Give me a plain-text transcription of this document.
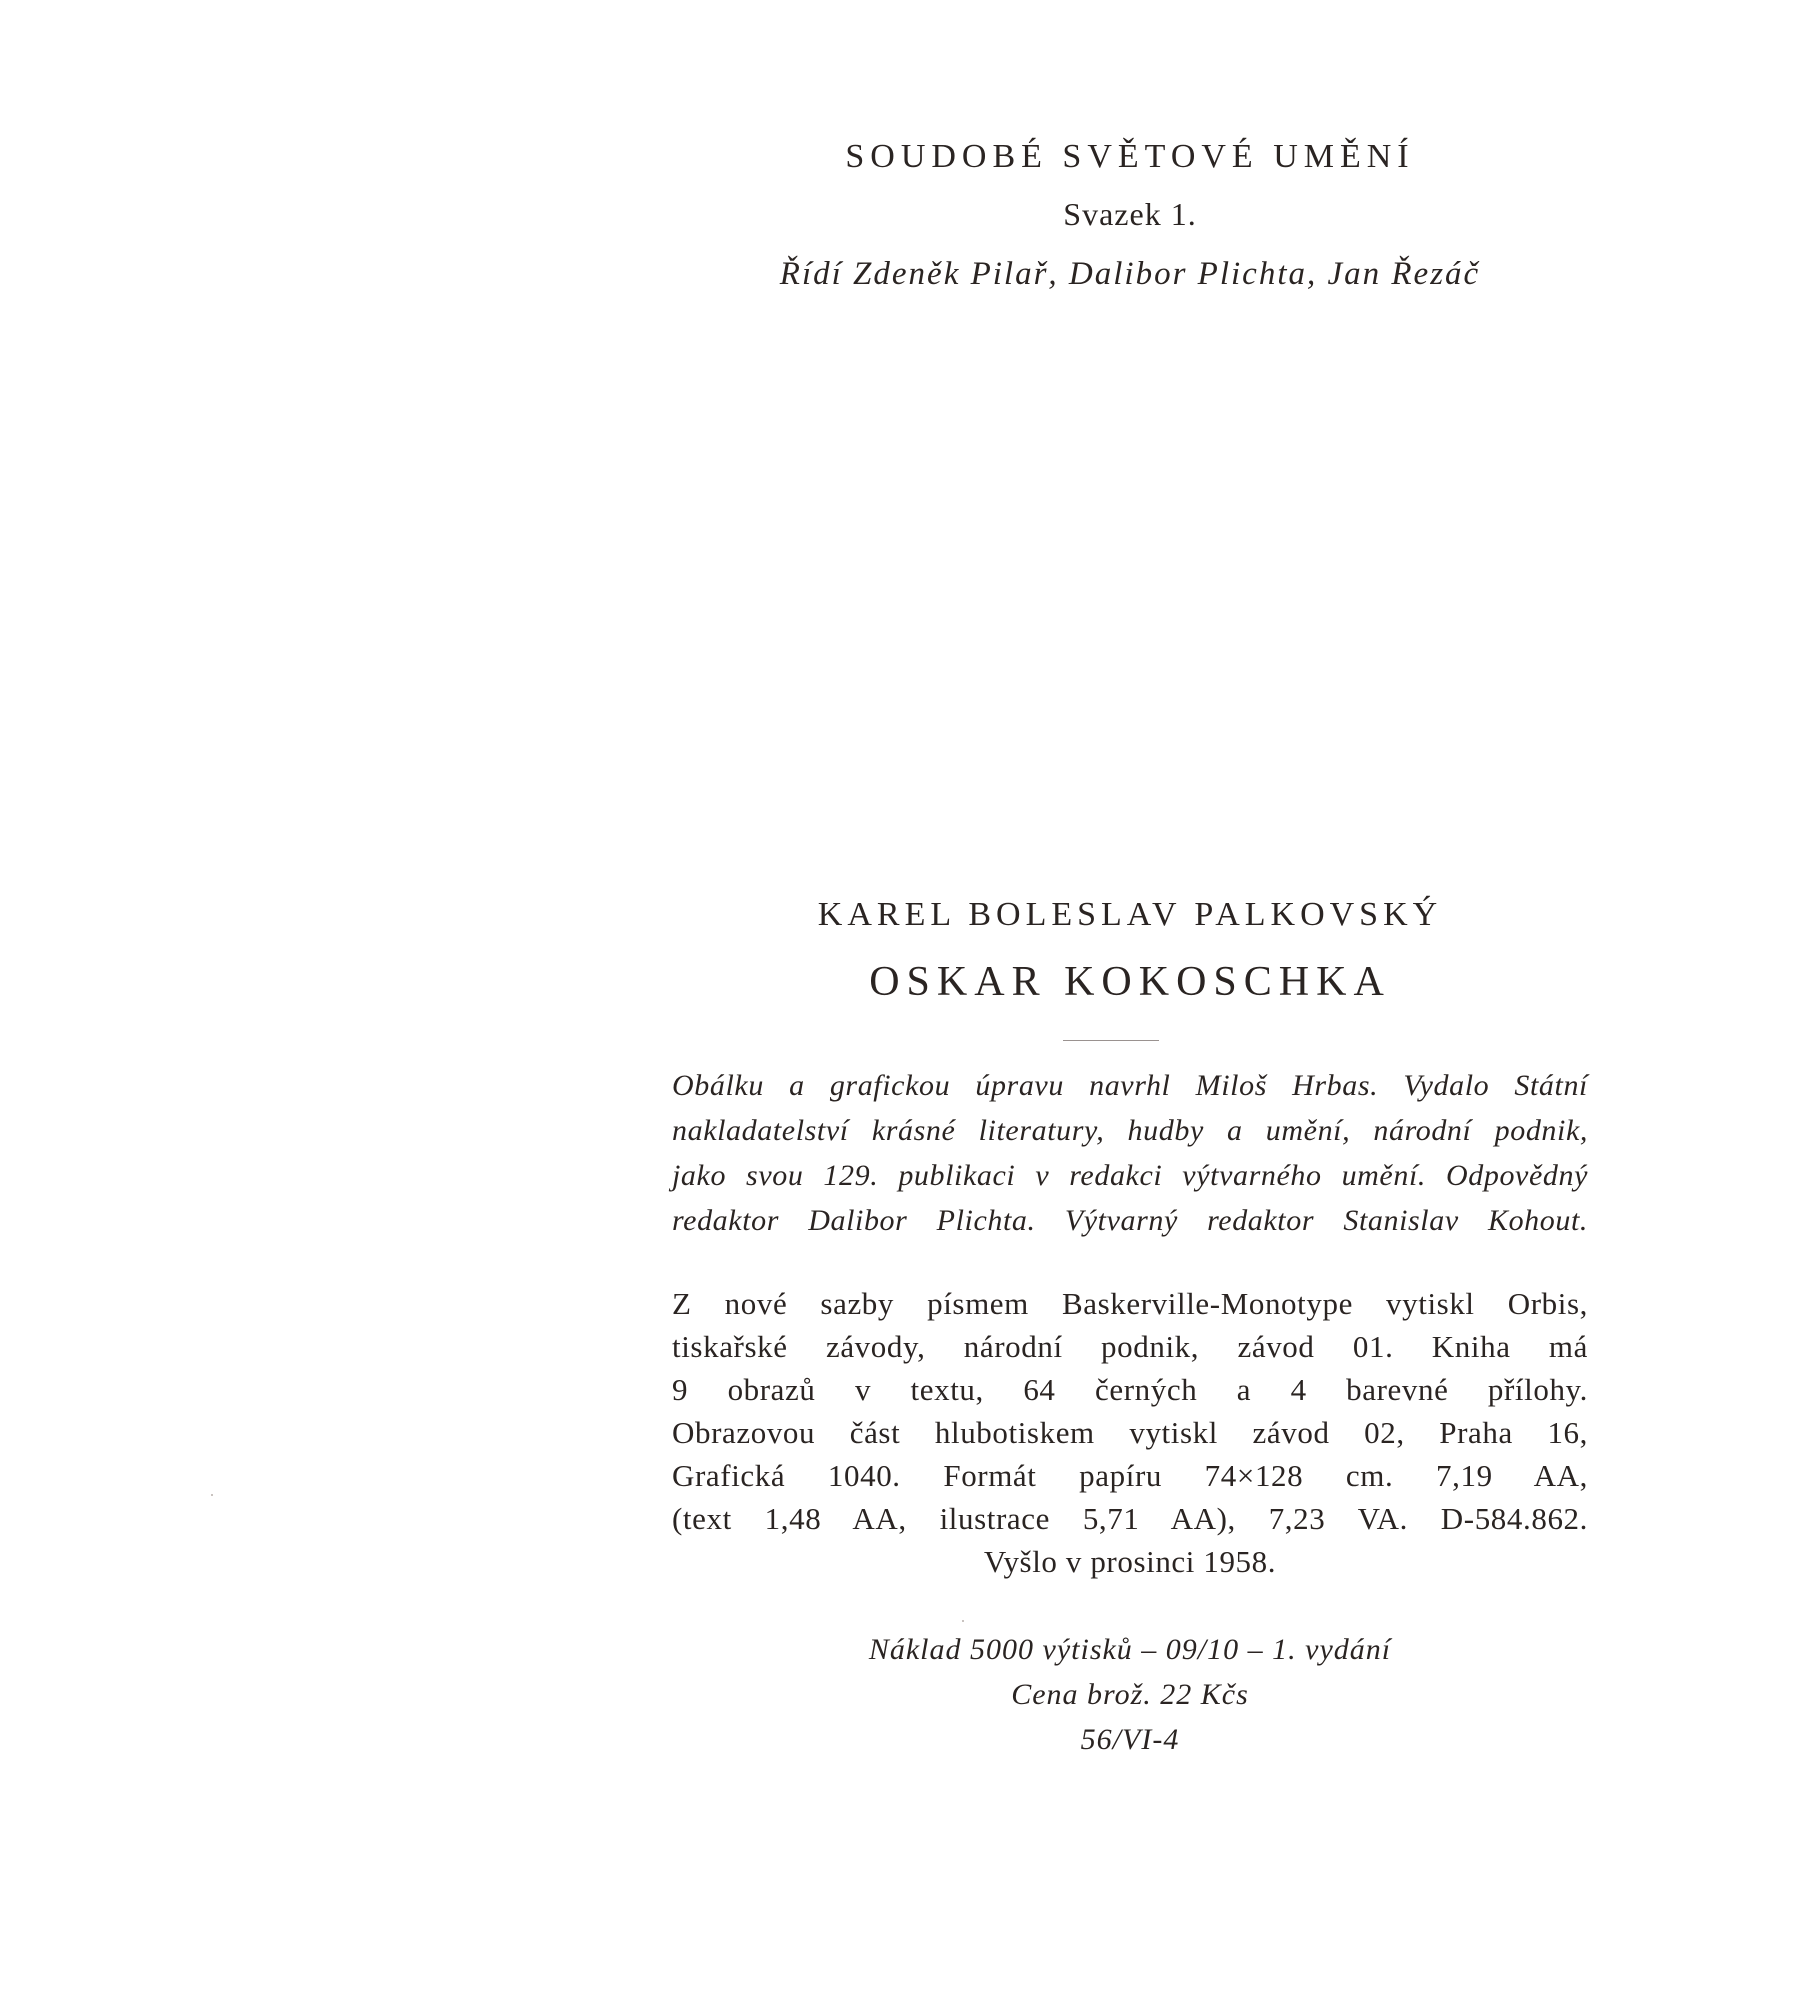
SOUDOBÉ SVĚTOVÉ UMĚNÍ
Svazek 1.
Řídí Zdeněk Pilař, Dalibor Plichta, Jan Řezáč
KAREL BOLESLAV PALKOVSKÝ
OSKAR KOKOSCHKA
Obálku a grafickou úpravu navrhl Miloš Hrbas. Vydalo Státní
nakladatelství krásné literatury, hudby a umění, národní podnik,
jako svou 129. publikaci v redakci výtvarného umění. Odpovědný
redaktor Dalibor Plichta. Výtvarný redaktor Stanislav Kohout.
Z nové sazby písmem Baskerville-Monotype vytiskl Orbis,
tiskařské závody, národní podnik, závod 01. Kniha má
9 obrazů v textu, 64 černých a 4 barevné přílohy.
Obrazovou část hlubotiskem vytiskl závod 02, Praha 16,
Grafická 1040. Formát papíru 74×128 cm. 7,19 AA,
(text 1,48 AA, ilustrace 5,71 AA), 7,23 VA. D-584.862.
Vyšlo v prosinci 1958.
Náklad 5000 výtisků – 09/10 – 1. vydání
Cena brož. 22 Kčs
56/VI-4
